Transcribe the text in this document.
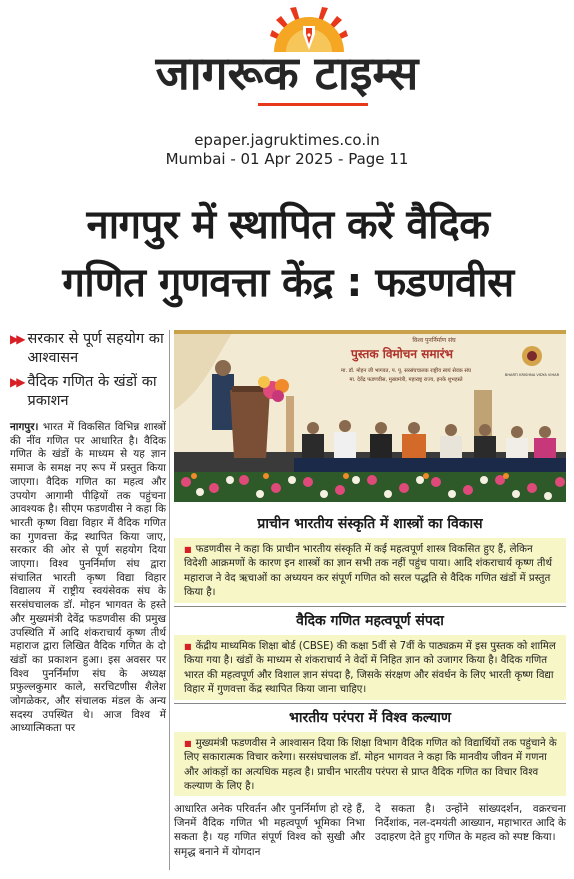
जागरूक टाइम्स
epaper.jagruktimes.co.in
Mumbai - 01 Apr 2025 - Page 11
नागपुर में स्थापित करें वैदिक
गणित गुणवत्ता केंद्र : फडणवीस
▶▶ सरकार से पूर्ण सहयोग का आश्वासन
▶▶ वैदिक गणित के खंडों का प्रकाशन

नागपुर। भारत में विकसित विभिन्न शास्त्रों की नींव गणित पर आधारित है। वैदिक गणित के खंडों के माध्यम से यह ज्ञान समाज के समक्ष नए रूप में प्रस्तुत किया जाएगा। वैदिक गणित का महत्व और उपयोग आगामी पीढ़ियों तक पहुंचना आवश्यक है। सीएम फडणवीस ने कहा कि भारती कृष्ण विद्या विहार में वैदिक गणित का गुणवत्ता केंद्र स्थापित किया जाए, सरकार की ओर से पूर्ण सहयोग दिया जाएगा। विश्व पुनर्निर्माण संघ द्वारा संचालित भारती कृष्ण विद्या विहार विद्यालय में राष्ट्रीय स्वयंसेवक संघ के सरसंघचालक डॉ. मोहन भागवत के हस्ते और मुख्यमंत्री देवेंद्र फडणवीस की प्रमुख उपस्थिति में आदि शंकराचार्य कृष्ण तीर्थ महाराज द्वारा लिखित वैदिक गणित के दो खंडों का प्रकाशन हुआ। इस अवसर पर विश्व पुनर्निर्माण संघ के अध्यक्ष प्रफुल्लकुमार काले, सरचिटणीस शैलेश जोगळेकर, और संचालक मंडल के अन्य सदस्य उपस्थित थे। आज विश्व में आध्यात्मिकता पर

विश्व पुनर्निर्माण संघ
पुस्तक विमोचन समारंभ
मा. डॉ. मोहन जी भागवत, प. पू. सरसंघचालक राष्ट्रीय स्वयं सेवक संघ
मा. देवेंद्र फडणवीस, मुख्यमंत्री, महाराष्ट्र राज्य, इनके शुभहस्ते
BHARTI KRISHNA VIDYA VIHAR
प्राचीन भारतीय संस्कृति में शास्त्रों का विकास
■ फडणवीस ने कहा कि प्राचीन भारतीय संस्कृति में कई महत्वपूर्ण शास्त्र विकसित हुए हैं, लेकिन विदेशी आक्रमणों के कारण इन शास्त्रों का ज्ञान सभी तक नहीं पहुंच पाया। आदि शंकराचार्य कृष्ण तीर्थ महाराज ने वेद ऋचाओं का अध्ययन कर संपूर्ण गणित को सरल पद्धति से वैदिक गणित खंडों में प्रस्तुत किया है।
वैदिक गणित महत्वपूर्ण संपदा
■ केंद्रीय माध्यमिक शिक्षा बोर्ड (CBSE) की कक्षा 5वीं से 7वीं के पाठ्यक्रम में इस पुस्तक को शामिल किया गया है। खंडों के माध्यम से शंकराचार्य ने वेदों में निहित ज्ञान को उजागर किया है। वैदिक गणित भारत की महत्वपूर्ण और विशाल ज्ञान संपदा है, जिसके संरक्षण और संवर्धन के लिए भारती कृष्ण विद्या विहार में गुणवत्ता केंद्र स्थापित किया जाना चाहिए।
भारतीय परंपरा में विश्व कल्याण
■ मुख्यमंत्री फडणवीस ने आश्वासन दिया कि शिक्षा विभाग वैदिक गणित को विद्यार्थियों तक पहुंचाने के लिए सकारात्मक विचार करेगा। सरसंघचालक डॉ. मोहन भागवत ने कहा कि मानवीय जीवन में गणना और आंकड़ों का अत्यधिक महत्व है। प्राचीन भारतीय परंपरा से प्राप्त वैदिक गणित का विचार विश्व कल्याण के लिए है।

आधारित अनेक परिवर्तन और पुनर्निर्माण हो रहे हैं, जिनमें वैदिक गणित भी महत्वपूर्ण भूमिका निभा सकता है। यह गणित संपूर्ण विश्व को सुखी और समृद्ध बनाने में योगदान

दे सकता है। उन्होंने सांख्यदर्शन, वक्ररचना निर्देशांक, नल-दमयंती आख्यान, महाभारत आदि के उदाहरण देते हुए गणित के महत्व को स्पष्ट किया।
